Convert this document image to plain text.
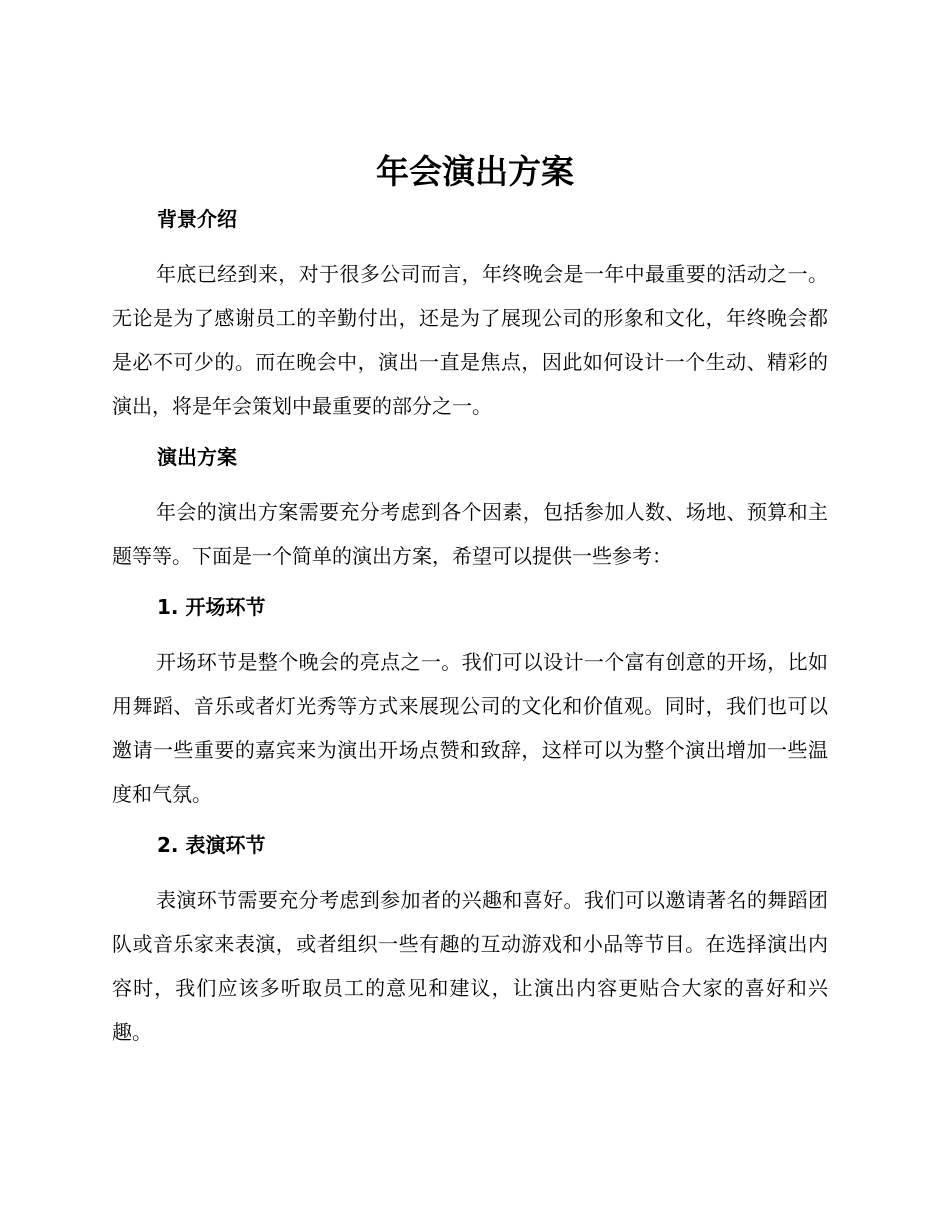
年会演出方案
背景介绍

年底已经到来，对于很多公司而言，年终晚会是一年中最重要的活动之一。无论是为了感谢员工的辛勤付出，还是为了展现公司的形象和文化，年终晚会都是必不可少的。而在晚会中，演出一直是焦点，因此如何设计一个生动、精彩的演出，将是年会策划中最重要的部分之一。

演出方案

年会的演出方案需要充分考虑到各个因素，包括参加人数、场地、预算和主题等等。下面是一个简单的演出方案，希望可以提供一些参考：

1. 开场环节

开场环节是整个晚会的亮点之一。我们可以设计一个富有创意的开场，比如用舞蹈、音乐或者灯光秀等方式来展现公司的文化和价值观。同时，我们也可以邀请一些重要的嘉宾来为演出开场点赞和致辞，这样可以为整个演出增加一些温度和气氛。

2. 表演环节

表演环节需要充分考虑到参加者的兴趣和喜好。我们可以邀请著名的舞蹈团队或音乐家来表演，或者组织一些有趣的互动游戏和小品等节目。在选择演出内容时，我们应该多听取员工的意见和建议，让演出内容更贴合大家的喜好和兴趣。
